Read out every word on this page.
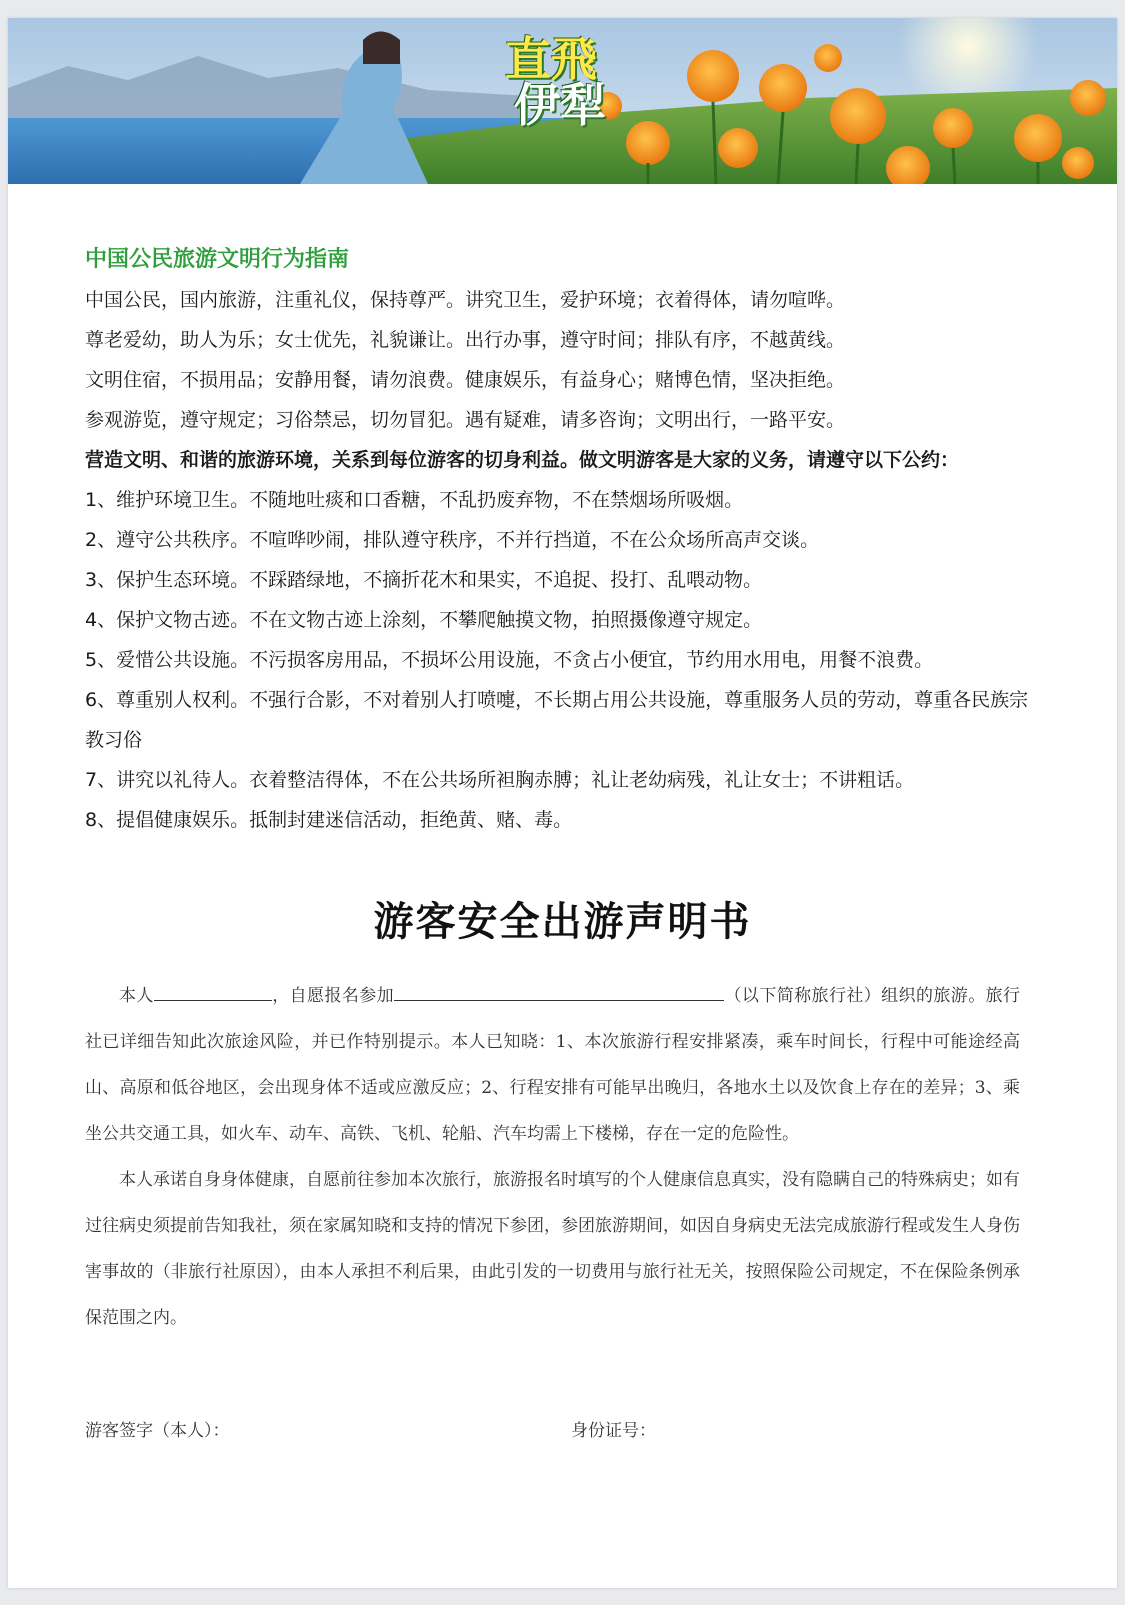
直飛
伊犁

中国公民旅游文明行为指南

中国公民，国内旅游，注重礼仪，保持尊严。讲究卫生，爱护环境；衣着得体，请勿喧哗。

尊老爱幼，助人为乐；女士优先，礼貌谦让。出行办事，遵守时间；排队有序，不越黄线。

文明住宿，不损用品；安静用餐，请勿浪费。健康娱乐，有益身心；赌博色情，坚决拒绝。

参观游览，遵守规定；习俗禁忌，切勿冒犯。遇有疑难，请多咨询；文明出行，一路平安。

营造文明、和谐的旅游环境，关系到每位游客的切身利益。做文明游客是大家的义务，请遵守以下公约：

1、维护环境卫生。不随地吐痰和口香糖，不乱扔废弃物，不在禁烟场所吸烟。

2、遵守公共秩序。不喧哗吵闹，排队遵守秩序，不并行挡道，不在公众场所高声交谈。

3、保护生态环境。不踩踏绿地，不摘折花木和果实，不追捉、投打、乱喂动物。

4、保护文物古迹。不在文物古迹上涂刻，不攀爬触摸文物，拍照摄像遵守规定。

5、爱惜公共设施。不污损客房用品，不损坏公用设施，不贪占小便宜，节约用水用电，用餐不浪费。

6、尊重别人权利。不强行合影，不对着别人打喷嚏，不长期占用公共设施，尊重服务人员的劳动，尊重各民族宗教习俗

7、讲究以礼待人。衣着整洁得体，不在公共场所袒胸赤膊；礼让老幼病残，礼让女士；不讲粗话。

8、提倡健康娱乐。抵制封建迷信活动，拒绝黄、赌、毒。

游客安全出游声明书

本人	，自愿报名参加	（以下简称旅行社）组织的旅游。旅行社已详细告知此次旅途风险，并已作特别提示。本人已知晓：1、本次旅游行程安排紧凑，乘车时间长，行程中可能途经高山、高原和低谷地区，会出现身体不适或应激反应；2、行程安排有可能早出晚归，各地水土以及饮食上存在的差异；3、乘坐公共交通工具，如火车、动车、高铁、飞机、轮船、汽车均需上下楼梯，存在一定的危险性。

本人承诺自身身体健康，自愿前往参加本次旅行，旅游报名时填写的个人健康信息真实，没有隐瞒自己的特殊病史；如有过往病史须提前告知我社，须在家属知晓和支持的情况下参团，参团旅游期间，如因自身病史无法完成旅游行程或发生人身伤害事故的（非旅行社原因），由本人承担不利后果，由此引发的一切费用与旅行社无关，按照保险公司规定，不在保险条例承保范围之内。

游客签字（本人）：	身份证号：
